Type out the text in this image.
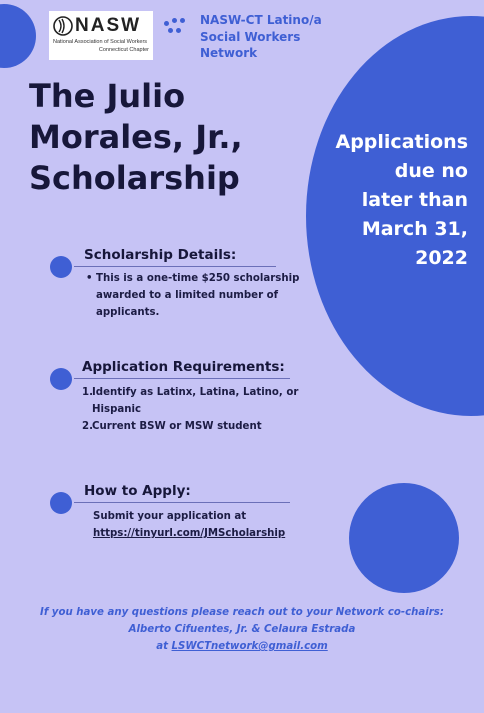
NASW
National Association of Social Workers
Connecticut Chapter
NASW-CT Latino/a
Social Workers
Network
The Julio
Morales, Jr.,
Scholarship
Applications
due no
later than
March 31,
2022
Scholarship Details:
• This is a one-time $250 scholarship
awarded to a limited number of
applicants.
Application Requirements:
1. Identify as Latinx, Latina, Latino, or
Hispanic
2. Current BSW or MSW student
How to Apply:
Submit your application at
https://tinyurl.com/JMScholarship
If you have any questions please reach out to your Network co-chairs:
Alberto Cifuentes, Jr. & Celaura Estrada
at LSWCTnetwork@gmail.com
